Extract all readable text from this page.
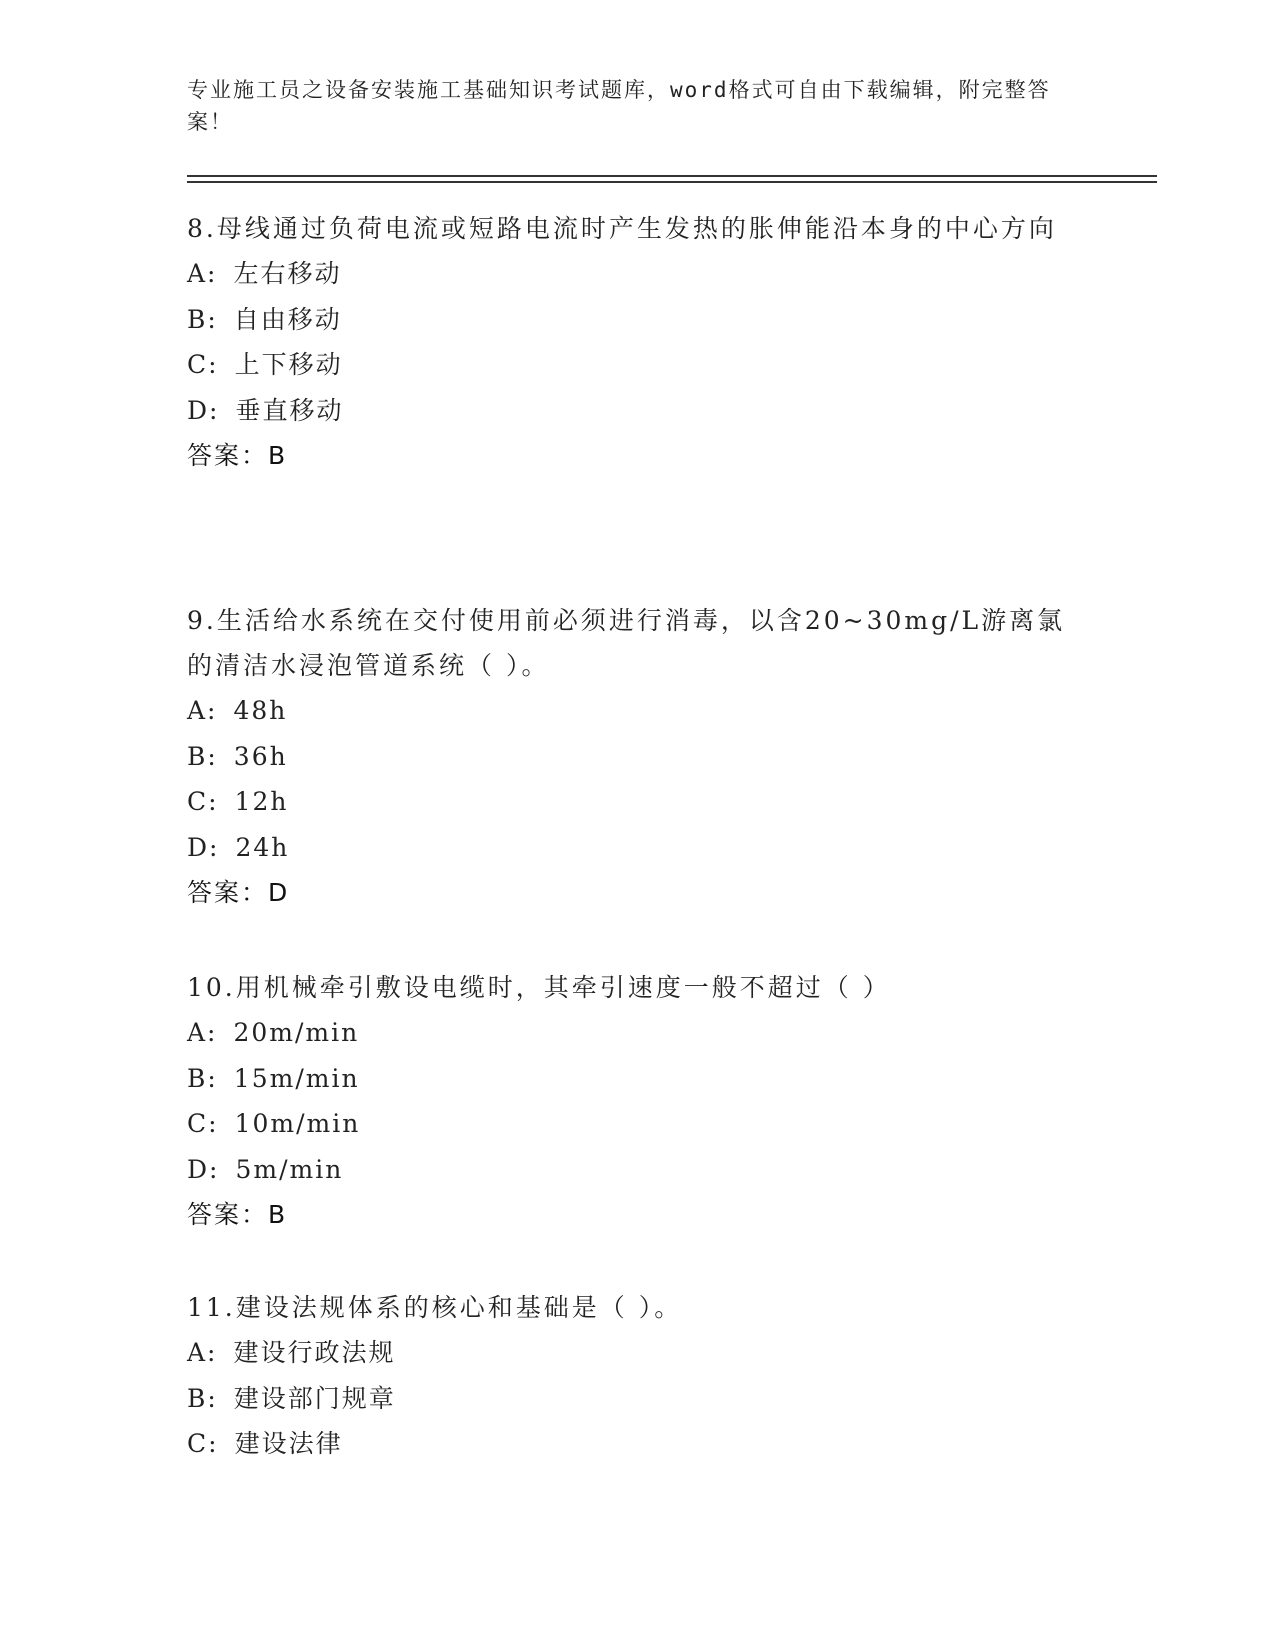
专业施工员之设备安装施工基础知识考试题库，word格式可自由下载编辑，附完整答案！

8.母线通过负荷电流或短路电流时产生发热的胀伸能沿本身的中心方向

A: 左右移动

B: 自由移动

C: 上下移动

D: 垂直移动

答案：B

9.生活给水系统在交付使用前必须进行消毒，以含20~30mg/L游离氯的清洁水浸泡管道系统（ ）。

A: 48h

B: 36h

C: 12h

D: 24h

答案：D

10.用机械牵引敷设电缆时，其牵引速度一般不超过（ ）

A: 20m/min

B: 15m/min

C: 10m/min

D: 5m/min

答案：B

11.建设法规体系的核心和基础是（ ）。

A: 建设行政法规

B: 建设部门规章

C: 建设法律
